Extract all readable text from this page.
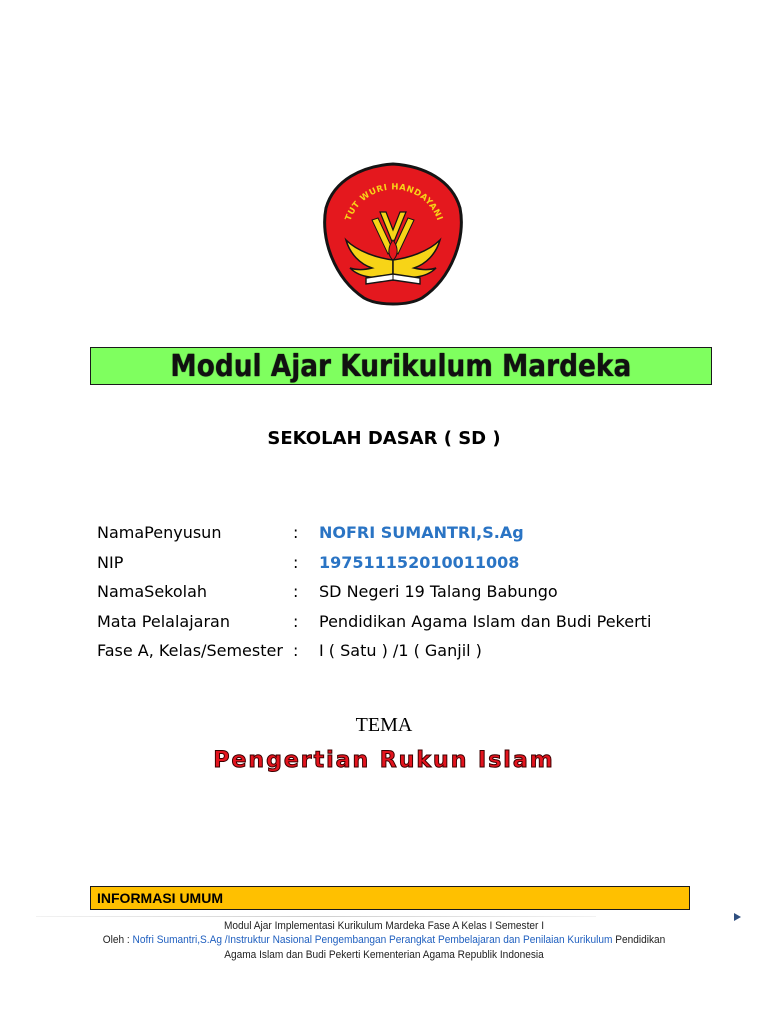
TUT WURI HANDAYANI
Modul Ajar Kurikulum Mardeka
SEKOLAH DASAR ( SD )
NamaPenyusun	:	NOFRI SUMANTRI,S.Ag
NIP	:	197511152010011008
NamaSekolah	:	SD Negeri 19 Talang Babungo
Mata Pelalajaran	:	Pendidikan Agama Islam dan Budi Pekerti
Fase A, Kelas/Semester	:	I ( Satu ) /1 ( Ganjil )
TEMA
Pengertian Rukun Islam
INFORMASI UMUM
Modul Ajar Implementasi Kurikulum Mardeka Fase A Kelas I Semester I
Oleh : Nofri Sumantri,S.Ag /Instruktur Nasional Pengembangan Perangkat Pembelajaran dan Penilaian Kurikulum Pendidikan
Agama Islam dan Budi Pekerti Kementerian Agama Republik Indonesia
